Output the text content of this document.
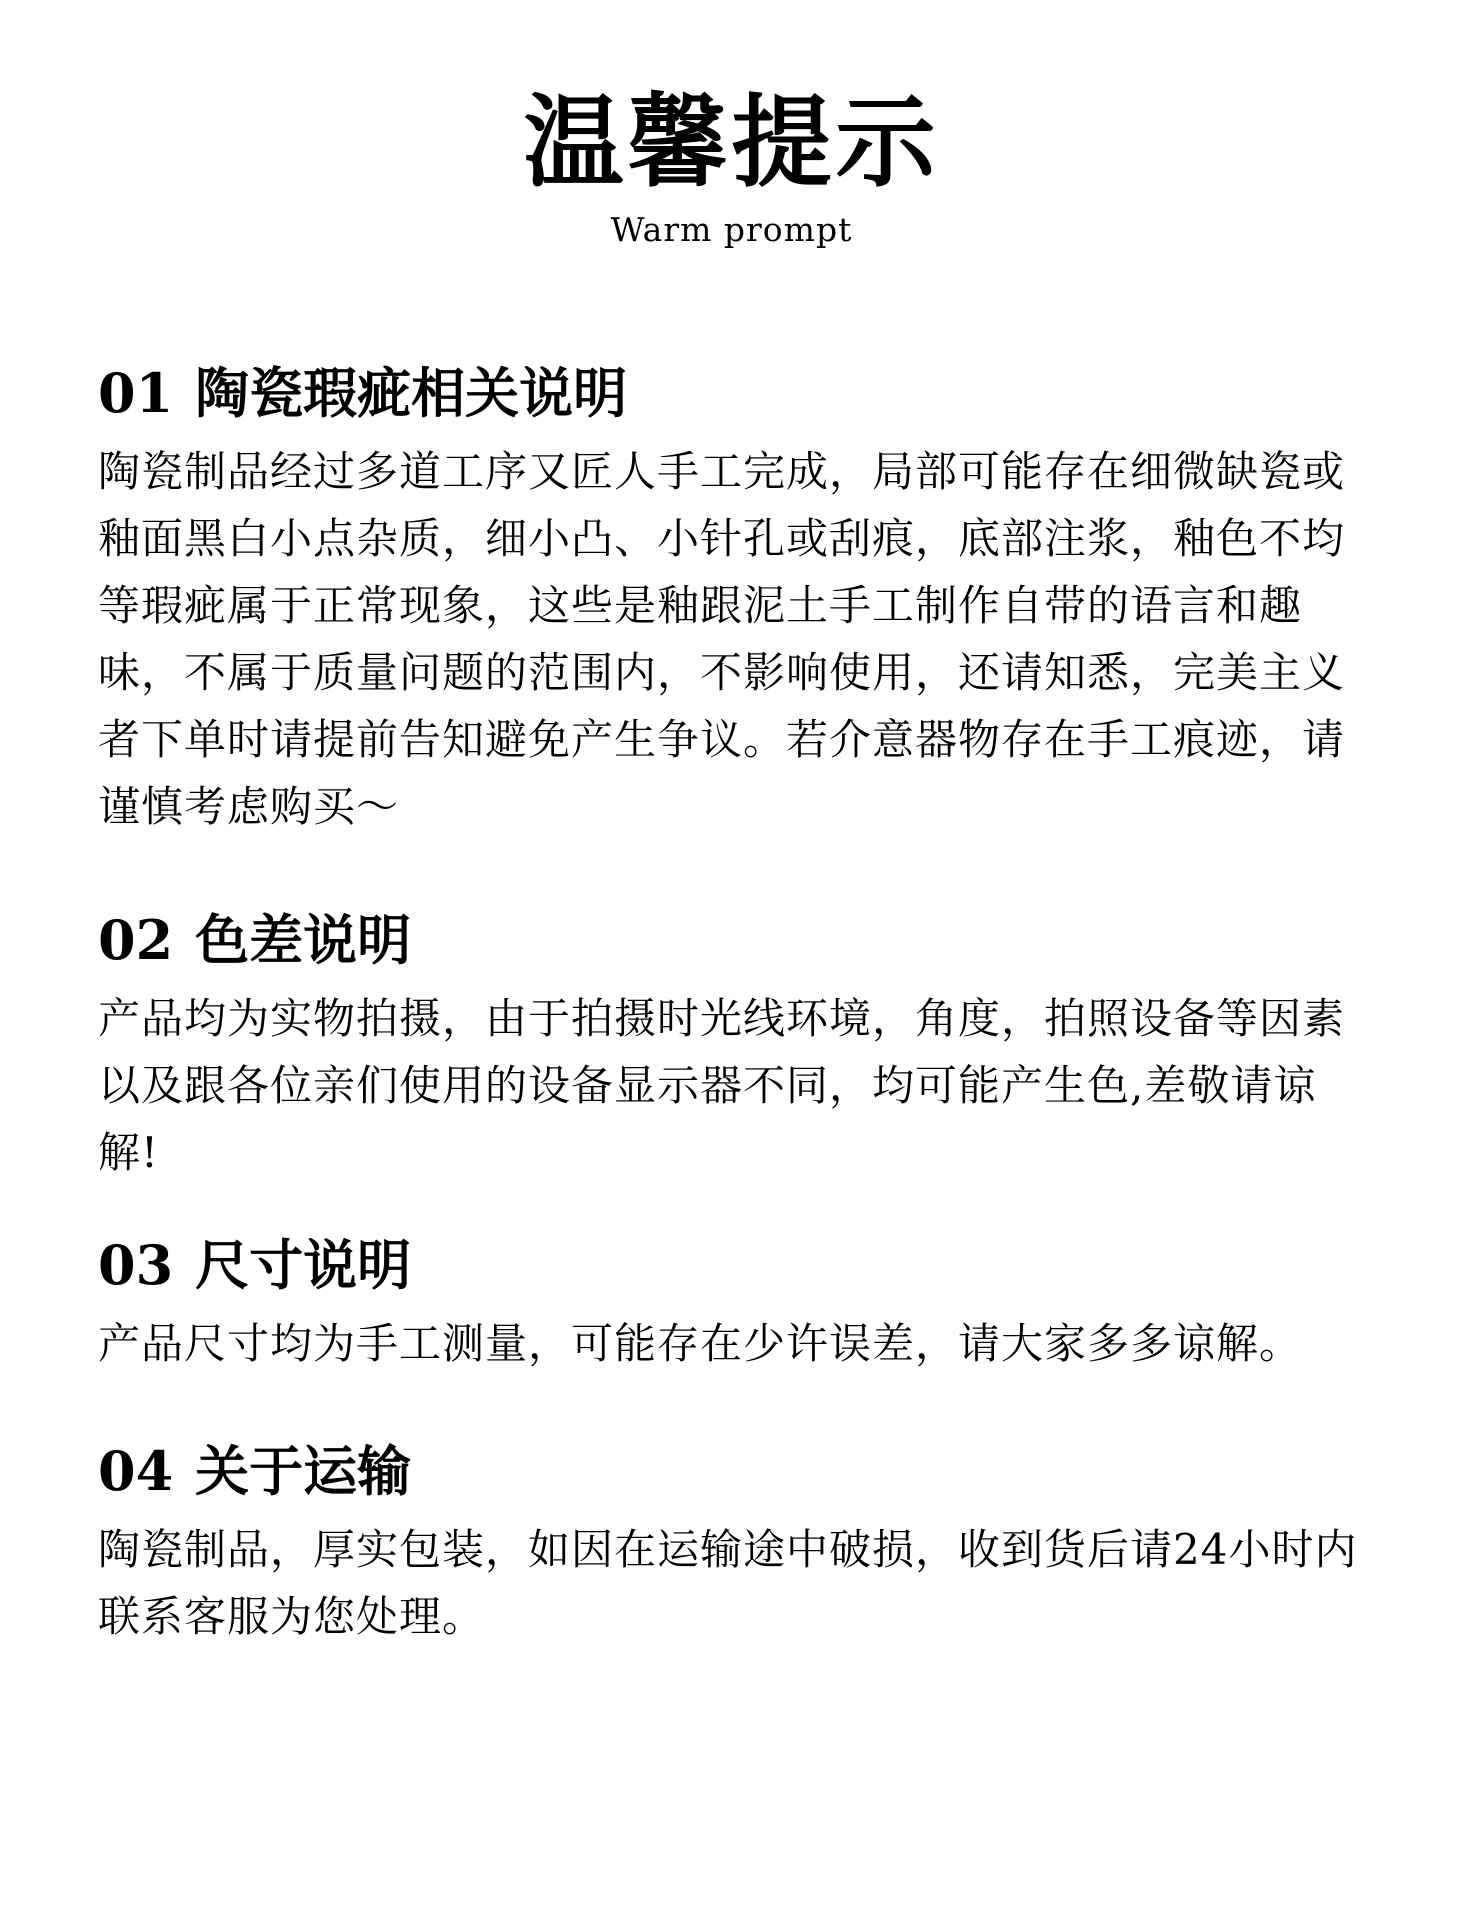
温馨提示
Warm prompt
01 陶瓷瑕疵相关说明

陶瓷制品经过多道工序又匠人手工完成，局部可能存在细微缺瓷或釉面黑白小点杂质，细小凸、小针孔或刮痕，底部注浆，釉色不均等瑕疵属于正常现象，这些是釉跟泥土手工制作自带的语言和趣味，不属于质量问题的范围内，不影响使用，还请知悉，完美主义者下单时请提前告知避免产生争议。若介意器物存在手工痕迹，请谨慎考虑购买～

02 色差说明

产品均为实物拍摄，由于拍摄时光线环境，角度，拍照设备等因素以及跟各位亲们使用的设备显示器不同，均可能产生色,差敬请谅解!

03 尺寸说明

产品尺寸均为手工测量，可能存在少许误差，请大家多多谅解。

04 关于运输

陶瓷制品，厚实包装，如因在运输途中破损，收到货后请24小时内联系客服为您处理。
